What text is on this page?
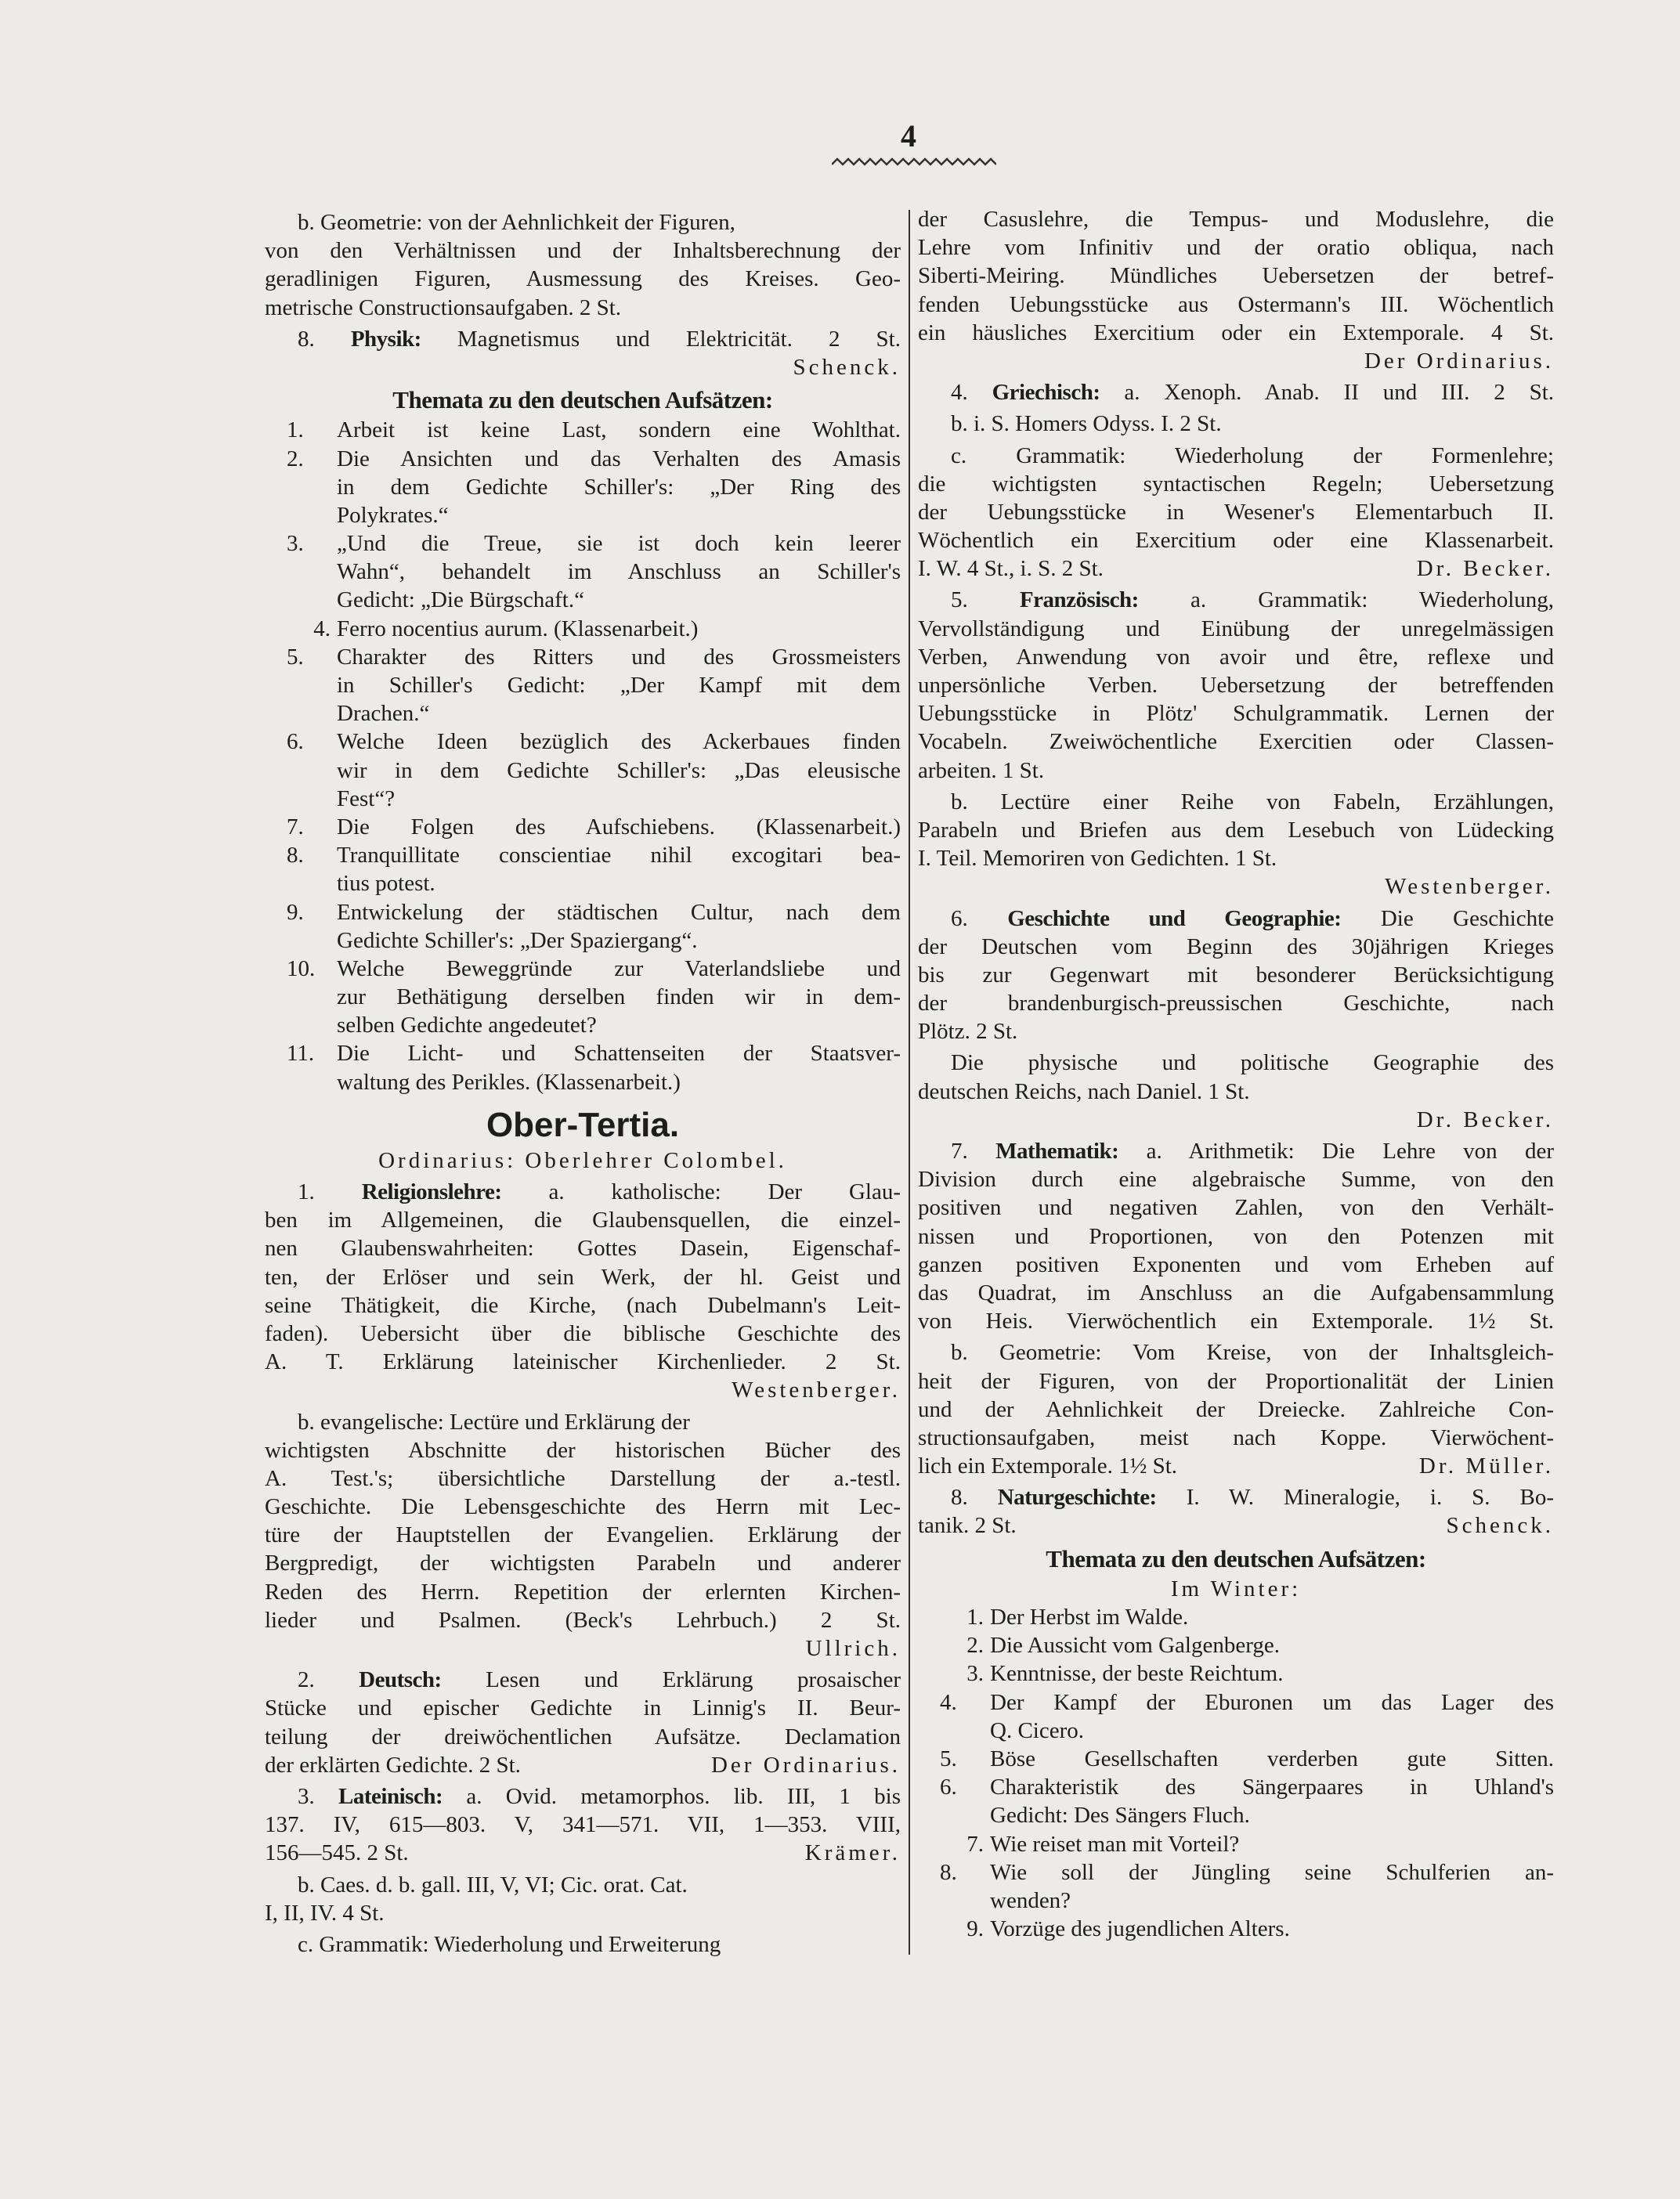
4
b. Geometrie: von der Aehnlichkeit der Figuren,
von den Verhältnissen und der Inhaltsberechnung der
geradlinigen Figuren, Ausmessung des Kreises. Geo-
metrische Constructionsaufgaben. 2 St.
8. Physik: Magnetismus und Elektricität. 2 St.
Schenck.
Themata zu den deutschen Aufsätzen:
1.	Arbeit ist keine Last, sondern eine Wohlthat.
2.	Die Ansichten und das Verhalten des Amasis
in dem Gedichte Schiller's: „Der Ring des
Polykrates.“
3.	„Und die Treue, sie ist doch kein leerer
Wahn“, behandelt im Anschluss an Schiller's
Gedicht: „Die Bürgschaft.“
4. Ferro nocentius aurum. (Klassenarbeit.)
5.	Charakter des Ritters und des Grossmeisters
in Schiller's Gedicht: „Der Kampf mit dem
Drachen.“
6.	Welche Ideen bezüglich des Ackerbaues finden
wir in dem Gedichte Schiller's: „Das eleusische
Fest“?
7.	Die Folgen des Aufschiebens. (Klassenarbeit.)
8.	Tranquillitate conscientiae nihil excogitari bea-
tius potest.
9.	Entwickelung der städtischen Cultur, nach dem
Gedichte Schiller's: „Der Spaziergang“.
10. Welche Beweggründe zur Vaterlandsliebe und
zur Bethätigung derselben finden wir in dem-
selben Gedichte angedeutet?
11. Die Licht- und Schattenseiten der Staatsver-
waltung des Perikles. (Klassenarbeit.)
Ober-Tertia.
Ordinarius: Oberlehrer Colombel.
1. Religionslehre: a. katholische: Der Glau-
ben im Allgemeinen, die Glaubensquellen, die einzel-
nen Glaubenswahrheiten: Gottes Dasein, Eigenschaf-
ten, der Erlöser und sein Werk, der hl. Geist und
seine Thätigkeit, die Kirche, (nach Dubelmann's Leit-
faden). Uebersicht über die biblische Geschichte des
A. T. Erklärung lateinischer Kirchenlieder. 2 St.
Westenberger.
b. evangelische: Lectüre und Erklärung der
wichtigsten Abschnitte der historischen Bücher des
A. Test.'s; übersichtliche Darstellung der a.-testl.
Geschichte. Die Lebensgeschichte des Herrn mit Lec-
türe der Hauptstellen der Evangelien. Erklärung der
Bergpredigt, der wichtigsten Parabeln und anderer
Reden des Herrn. Repetition der erlernten Kirchen-
lieder und Psalmen. (Beck's Lehrbuch.) 2 St.
Ullrich.
2. Deutsch: Lesen und Erklärung prosaischer
Stücke und epischer Gedichte in Linnig's II. Beur-
teilung der dreiwöchentlichen Aufsätze. Declamation
der erklärten Gedichte. 2 St.	Der Ordinarius.
3. Lateinisch: a. Ovid. metamorphos. lib. III, 1 bis
137. IV, 615—803. V, 341—571. VII, 1—353. VIII,
156—545. 2 St.	Krämer.
b. Caes. d. b. gall. III, V, VI; Cic. orat. Cat.
I, II, IV. 4 St.
c. Grammatik: Wiederholung und Erweiterung
der Casuslehre, die Tempus- und Moduslehre, die
Lehre vom Infinitiv und der oratio obliqua, nach
Siberti-Meiring. Mündliches Uebersetzen der betref-
fenden Uebungsstücke aus Ostermann's III. Wöchentlich
ein häusliches Exercitium oder ein Extemporale. 4 St.
Der Ordinarius.
4. Griechisch: a. Xenoph. Anab. II und III. 2 St.
b. i. S. Homers Odyss. I. 2 St.
c. Grammatik: Wiederholung der Formenlehre;
die wichtigsten syntactischen Regeln; Uebersetzung
der Uebungsstücke in Wesener's Elementarbuch II.
Wöchentlich ein Exercitium oder eine Klassenarbeit.
I. W. 4 St., i. S. 2 St.	Dr. Becker.
5. Französisch: a. Grammatik: Wiederholung,
Vervollständigung und Einübung der unregelmässigen
Verben, Anwendung von avoir und être, reflexe und
unpersönliche Verben. Uebersetzung der betreffenden
Uebungsstücke in Plötz' Schulgrammatik. Lernen der
Vocabeln. Zweiwöchentliche Exercitien oder Classen-
arbeiten. 1 St.
b. Lectüre einer Reihe von Fabeln, Erzählungen,
Parabeln und Briefen aus dem Lesebuch von Lüdecking
I. Teil. Memoriren von Gedichten. 1 St.
Westenberger.
6. Geschichte und Geographie: Die Geschichte
der Deutschen vom Beginn des 30jährigen Krieges
bis zur Gegenwart mit besonderer Berücksichtigung
der brandenburgisch-preussischen Geschichte, nach
Plötz. 2 St.
Die physische und politische Geographie des
deutschen Reichs, nach Daniel. 1 St.
Dr. Becker.
7. Mathematik: a. Arithmetik: Die Lehre von der
Division durch eine algebraische Summe, von den
positiven und negativen Zahlen, von den Verhält-
nissen und Proportionen, von den Potenzen mit
ganzen positiven Exponenten und vom Erheben auf
das Quadrat, im Anschluss an die Aufgabensammlung
von Heis. Vierwöchentlich ein Extemporale. 1½ St.
b. Geometrie: Vom Kreise, von der Inhaltsgleich-
heit der Figuren, von der Proportionalität der Linien
und der Aehnlichkeit der Dreiecke. Zahlreiche Con-
structionsaufgaben, meist nach Koppe. Vierwöchent-
lich ein Extemporale. 1½ St.	Dr. Müller.
8. Naturgeschichte: I. W. Mineralogie, i. S. Bo-
tanik. 2 St.	Schenck.
Themata zu den deutschen Aufsätzen:
Im Winter:
1. Der Herbst im Walde.
2. Die Aussicht vom Galgenberge.
3. Kenntnisse, der beste Reichtum.
4.	Der Kampf der Eburonen um das Lager des
Q. Cicero.
5.	Böse Gesellschaften verderben gute Sitten.
6.	Charakteristik des Sängerpaares in Uhland's
Gedicht: Des Sängers Fluch.
7. Wie reiset man mit Vorteil?
8.	Wie soll der Jüngling seine Schulferien an-
wenden?
9. Vorzüge des jugendlichen Alters.
